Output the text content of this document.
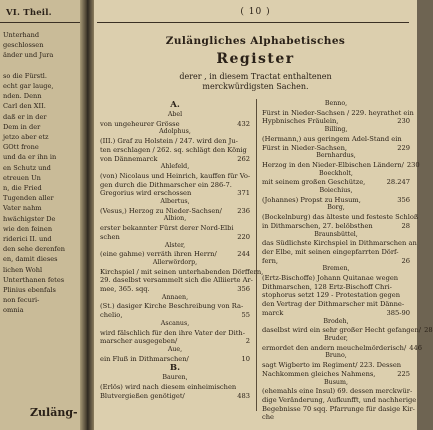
VI. Theil.
Unterhand
geschlossen
änder und Jura

so die Fürstl.
echt gar lauge,
nden. Denn
Carl den XII.
daß er in der
Dem in der
jetzo aber etz
GOtt frone
und da er ihn in
en Schutz und
etreuen Un
n, die Fried
Tugenden aller
Vater nahm
hwächigster De
wie den feinen
riderici II. und
den sehe derenfen
en, damit dieses
lichen Wohl
Unterthanen fetes
Plinius ebenfals
non fecuri-
omnia
Zuläng-
( 10 )
Zulängliches Alphabetisches
Register
derer , in diesem Tractat enthaltenen
merckwürdigsten Sachen.
A.
Abel
von ungeheurer Grösse	432
Adolphus,
(III.) Graf zu Holstein / 247. wird den Ju-
ten erschlagen / 262. sq. schlägt den König
von Dännemarck	262
Ahlefeld,
(von) Nicolaus und Heinrich, kauffen für Vo-
gen durch die Dithmarscher ein 286-7.
Gregorius wird erschossen	371
Albertus,
(Vesus,) Herzog zu Nieder-Sachsen/	236
Albion,
erster bekannter Fürst derer Nord-Elbi
schen	220
Alster,
(eine gahme) verräth ihren Herrn/	244
Allerwördorp,
Kirchspiel / mit seinen unterhabenden Dörffern,
29. daselbst versammelt sich die Alliierte Ar-
mee, 365. sqq.	356
Annaen,
(St.) dasiger Kirche Beschreibung von Ra-
chelio,	55
Ascanus,
wird fälschlich für den ihre Vater der Dith-
marscher ausgegeben/	2
Aue,
ein Fluß in Dithmarschen/	10
B.
Bauren,
(Erlös) wird nach diesem einheimischen
Blutvergießen genötiget/	483
Benno,
Fürst in Nieder-Sachsen / 229. heyrathet ein
Hypbnisches Fräulein,	230
Billing,
(Hermann,) aus geringem Adel-Stand ein
Fürst in Nieder-Sachsen,	229
Bernhardus,
Herzog in den Nieder-Elbischen Ländern/ 230
Boeckholt,
mit seinem großen Geschütze,	28.247
Boiechius,
(Johannes) Propst zu Husum,	356
Borg,
(Bockelnburg) das älteste und festeste Schloß
in Dithmarschen, 27. belöbsthen	28
Braunsbüttel,
das Südlichste Kirchspiel in Dithmarschen an
der Elbe, mit seinen eingepfarrten Dörf-
fern,	26
Bremen,
(Ertz-Bischoffe) Johann Quitanae wegen
Dithmarschen, 128 Ertz-Bischoff Chri-
stophorus setzt 129 - Protestation gegen
den Vertrag der Dithmarscher mit Dänne-
marck	385-90
Brodeh,
daselbst wird ein sehr großer Hecht gefangen/ 28
Bruder,
ermordet den andern meuchelmörderisch/ 446
Bruno,
sagt Wigberto im Regiment/ 223. Dessen
Nachkommen gleiches Nahmens,	225
Busum,
(ehemahls eine Insul) 69. dessen merckwür-
dige Veränderung, Aufkunfft, und nachherige
Begebnisse 70 sqq. Pfarrunge für dasige Kir-
che
